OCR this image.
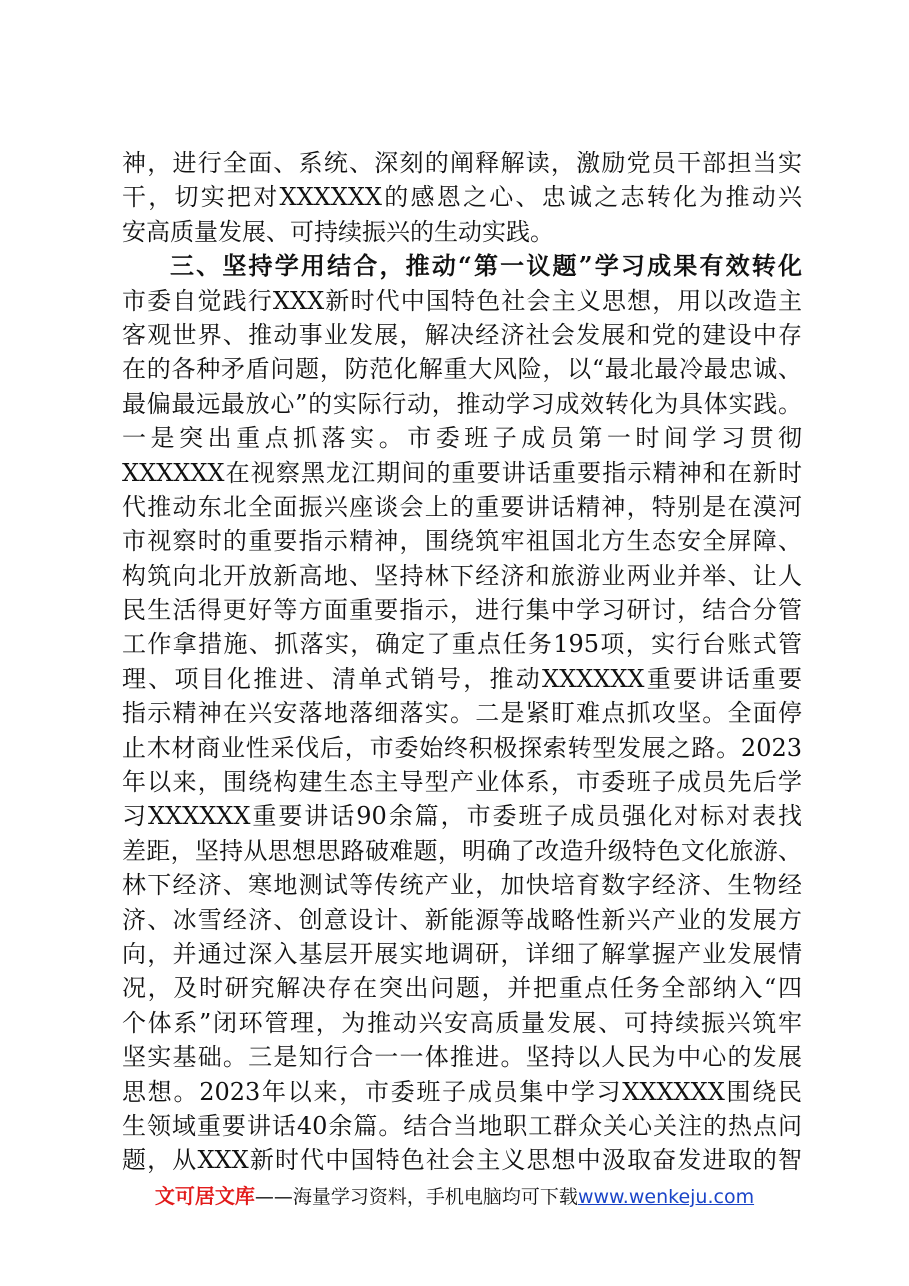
神，进行全面、系统、深刻的阐释解读，激励党员干部担当实
干，切实把对XXXXXX的感恩之心、忠诚之志转化为推动兴
安高质量发展、可持续振兴的生动实践。
三、坚持学用结合，推动“第一议题”学习成果有效转化
市委自觉践行XXX新时代中国特色社会主义思想，用以改造主
客观世界、推动事业发展，解决经济社会发展和党的建设中存
在的各种矛盾问题，防范化解重大风险，以“最北最冷最忠诚、
最偏最远最放心”的实际行动，推动学习成效转化为具体实践。
一是突出重点抓落实。市委班子成员第一时间学习贯彻
XXXXXX在视察黑龙江期间的重要讲话重要指示精神和在新时
代推动东北全面振兴座谈会上的重要讲话精神，特别是在漠河
市视察时的重要指示精神，围绕筑牢祖国北方生态安全屏障、
构筑向北开放新高地、坚持林下经济和旅游业两业并举、让人
民生活得更好等方面重要指示，进行集中学习研讨，结合分管
工作拿措施、抓落实，确定了重点任务195项，实行台账式管
理、项目化推进、清单式销号，推动XXXXXX重要讲话重要
指示精神在兴安落地落细落实。二是紧盯难点抓攻坚。全面停
止木材商业性采伐后，市委始终积极探索转型发展之路。2023
年以来，围绕构建生态主导型产业体系，市委班子成员先后学
习XXXXXX重要讲话90余篇，市委班子成员强化对标对表找
差距，坚持从思想思路破难题，明确了改造升级特色文化旅游、
林下经济、寒地测试等传统产业，加快培育数字经济、生物经
济、冰雪经济、创意设计、新能源等战略性新兴产业的发展方
向，并通过深入基层开展实地调研，详细了解掌握产业发展情
况，及时研究解决存在突出问题，并把重点任务全部纳入“四
个体系”闭环管理，为推动兴安高质量发展、可持续振兴筑牢
坚实基础。三是知行合一一体推进。坚持以人民为中心的发展
思想。2023年以来，市委班子成员集中学习XXXXXX围绕民
生领域重要讲话40余篇。结合当地职工群众关心关注的热点问
题，从XXX新时代中国特色社会主义思想中汲取奋发进取的智
文可居文库——海量学习资料，手机电脑均可下载www.wenkeju.com
